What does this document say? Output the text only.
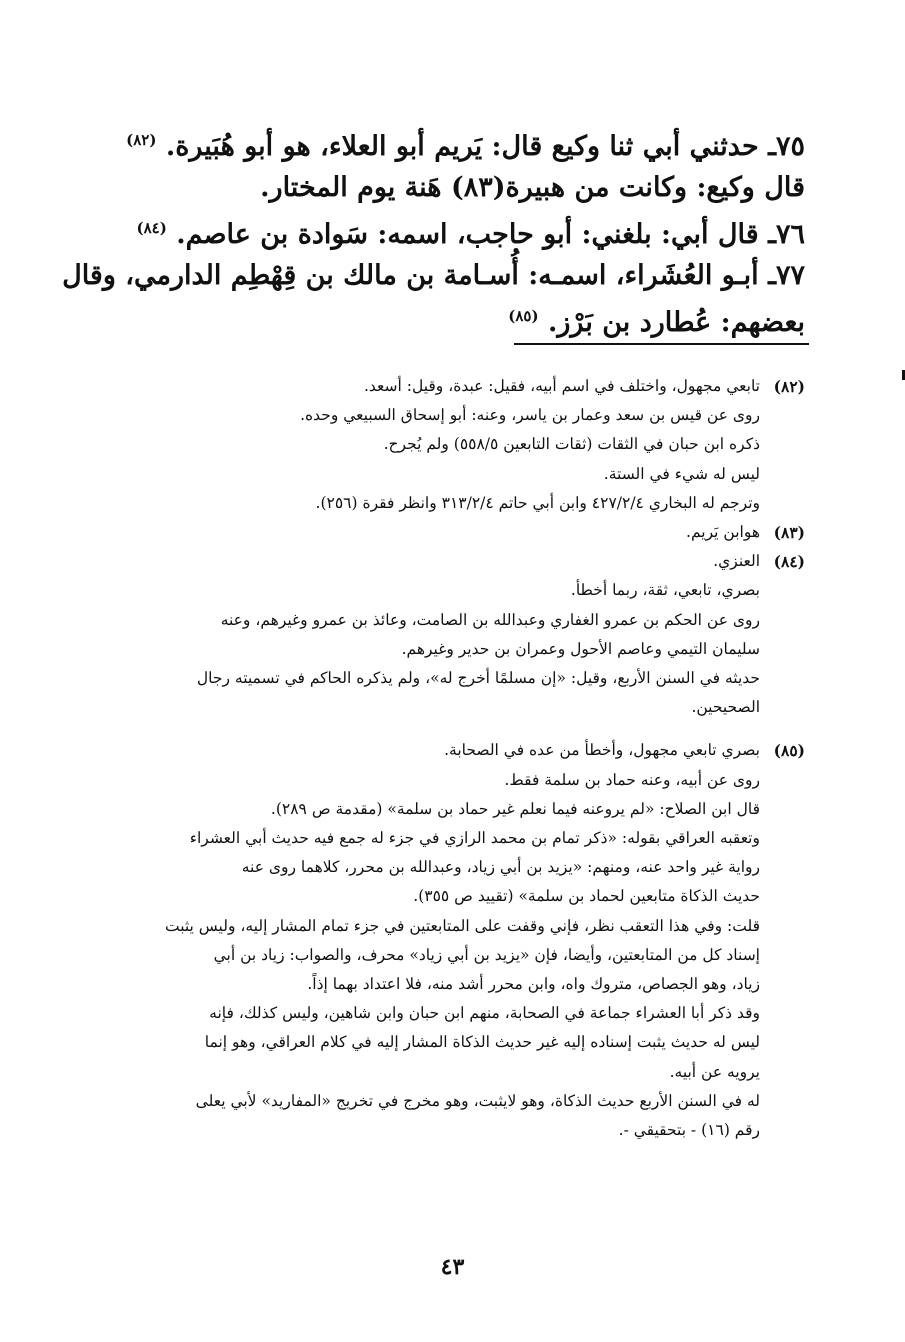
٧٥ـ حدثني أبي ثنا وكيع قال: يَريم أبو العلاء، هو أبو هُبَيرة. $^{(٨٢)}$
قال وكيع: وكانت من هبيرة(٨٣) هَنة يوم المختار.
٧٦ـ قال أبي: بلغني: أبو حاجب، اسمه: سَوادة بن عاصم. $^{(٨٤)}$
٧٧ـ أبـو العُشَراء، اسمـه: أُسـامة بن مالك بن قِهْطِم الدارمي، وقال
بعضهم: عُطارد بن بَرْز. $^{(٨٥)}$
(٨٢)
تابعي مجهول، واختلف في اسم أبيه، فقيل: عبدة، وقيل: أسعد.
روى عن قيس بن سعد وعمار بن ياسر، وعنه: أبو إسحاق السبيعي وحده.
ذكره ابن حبان في الثقات (ثقات التابعين ٥٥٨/٥) ولم يُجرح.
ليس له شيء في الستة.
وترجم له البخاري ٤٢٧/٢/٤ وابن أبي حاتم ٣١٣/٢/٤ وانظر فقرة (٢٥٦).
(٨٣)
هوابن يَريم.
(٨٤)
العنزي.
بصري، تابعي، ثقة، ربما أخطأ.
روى عن الحكم بن عمرو الغفاري وعبدالله بن الصامت، وعائذ بن عمرو وغيرهم، وعنه
سليمان التيمي وعاصم الأحول وعمران بن حدير وغيرهم.
حديثه في السنن الأربع، وقيل: «إن مسلمًا أخرج له»، ولم يذكره الحاكم في تسميته رجال
الصحيحين.
(٨٥)
بصري تابعي مجهول، وأخطأ من عده في الصحابة.
روى عن أبيه، وعنه حماد بن سلمة فقط.
قال ابن الصلاح: «لم يروعنه فيما نعلم غير حماد بن سلمة» (مقدمة ص ٢٨٩).
وتعقبه العراقي بقوله: «ذكر تمام بن محمد الرازي في جزء له جمع فيه حديث أبي العشراء
رواية غير واحد عنه، ومنهم: «يزيد بن أبي زياد، وعبدالله بن محرر، كلاهما روى عنه
حديث الذكاة متابعين لحماد بن سلمة» (تقييد ص ٣٥٥).
قلت: وفي هذا التعقب نظر، فإني وقفت على المتابعتين في جزء تمام المشار إليه، وليس يثبت
إسناد كل من المتابعتين، وأيضا، فإن «يزيد بن أبي زياد» محرف، والصواب: زياد بن أبي
زياد، وهو الجصاص، متروك واه، وابن محرر أشد منه، فلا اعتداد بهما إذاً.
وقد ذكر أبا العشراء جماعة في الصحابة، منهم ابن حبان وابن شاهين، وليس كذلك، فإنه
ليس له حديث يثبت إسناده إليه غير حديث الذكاة المشار إليه في كلام العراقي، وهو إنما
يرويه عن أبيه.
له في السنن الأربع حديث الذكاة، وهو لايثبت، وهو مخرج في تخريج «المفاريد» لأبي يعلى
رقم (١٦) - بتحقيقي -.
٤٣
